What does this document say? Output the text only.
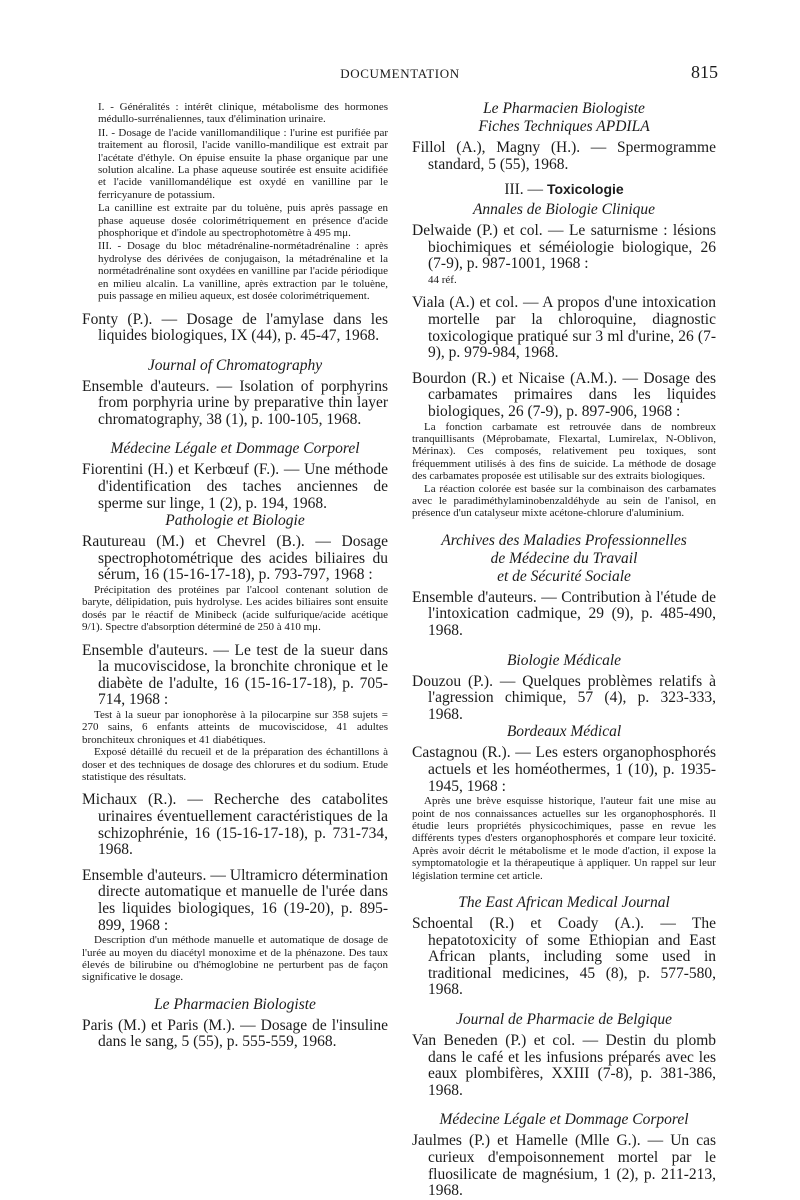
DOCUMENTATION	815

I. - Généralités : intérêt clinique, métabolisme des hormones médullo-surrénaliennes, taux d'élimination urinaire.

II. - Dosage de l'acide vanillomandilique : l'urine est purifiée par traitement au florosil, l'acide vanillo-mandilique est extrait par l'acétate d'éthyle. On épuise ensuite la phase organique par une solution alcaline. La phase aqueuse soutirée est ensuite acidifiée et l'acide vanillomandélique est oxydé en vanilline par le ferricyanure de potassium.

La canilline est extraite par du toluène, puis après passage en phase aqueuse dosée colorimétriquement en présence d'acide phosphorique et d'indole au spectrophotomètre à 495 mμ.

III. - Dosage du bloc métadrénaline-normétadrénaline : après hydrolyse des dérivées de conjugaison, la métadrénaline et la normétadrénaline sont oxydées en vanilline par l'acide périodique en milieu alcalin. La vanilline, après extraction par le toluène, puis passage en milieu aqueux, est dosée colorimétriquement.

Fonty (P.). — Dosage de l'amylase dans les liquides biologiques, IX (44), p. 45-47, 1968.

Journal of Chromatography

Ensemble d'auteurs. — Isolation of porphyrins from porphyria urine by preparative thin layer chromatography, 38 (1), p. 100-105, 1968.

Médecine Légale et Dommage Corporel

Fiorentini (H.) et Kerbœuf (F.). — Une méthode d'identification des taches anciennes de sperme sur linge, 1 (2), p. 194, 1968.

Pathologie et Biologie

Rautureau (M.) et Chevrel (B.). — Dosage spectrophotométrique des acides biliaires du sérum, 16 (15-16-17-18), p. 793-797, 1968 :

Précipitation des protéines par l'alcool contenant solution de baryte, délipidation, puis hydrolyse. Les acides biliaires sont ensuite dosés par le réactif de Minibeck (acide sulfurique/acide acétique 9/1). Spectre d'absorption déterminé de 250 à 410 mμ.

Ensemble d'auteurs. — Le test de la sueur dans la mucoviscidose, la bronchite chronique et le diabète de l'adulte, 16 (15-16-17-18), p. 705-714, 1968 :

Test à la sueur par ionophorèse à la pilocarpine sur 358 sujets = 270 sains, 6 enfants atteints de mucoviscidose, 41 adultes bronchiteux chroniques et 41 diabétiques.

Exposé détaillé du recueil et de la préparation des échantillons à doser et des techniques de dosage des chlorures et du sodium. Etude statistique des résultats.

Michaux (R.). — Recherche des catabolites urinaires éventuellement caractéristiques de la schizophrénie, 16 (15-16-17-18), p. 731-734, 1968.

Ensemble d'auteurs. — Ultramicro détermination directe automatique et manuelle de l'urée dans les liquides biologiques, 16 (19-20), p. 895-899, 1968 :

Description d'un méthode manuelle et automatique de dosage de l'urée au moyen du diacétyl monoxime et de la phénazone. Des taux élevés de bilirubine ou d'hémoglobine ne perturbent pas de façon significative le dosage.

Le Pharmacien Biologiste

Paris (M.) et Paris (M.). — Dosage de l'insuline dans le sang, 5 (55), p. 555-559, 1968.

Le Pharmacien Biologiste

Fiches Techniques APDILA

Fillol (A.), Magny (H.). — Spermogramme standard, 5 (55), 1968.

III. — Toxicologie

Annales de Biologie Clinique

Delwaide (P.) et col. — Le saturnisme : lésions biochimiques et séméiologie biologique, 26 (7-9), p. 987-1001, 1968 :

44 réf.

Viala (A.) et col. — A propos d'une intoxication mortelle par la chloroquine, diagnostic toxicologique pratiqué sur 3 ml d'urine, 26 (7-9), p. 979-984, 1968.

Bourdon (R.) et Nicaise (A.M.). — Dosage des carbamates primaires dans les liquides biologiques, 26 (7-9), p. 897-906, 1968 :

La fonction carbamate est retrouvée dans de nombreux tranquillisants (Méprobamate, Flexartal, Lumirelax, N-Oblivon, Mérinax). Ces composés, relativement peu toxiques, sont fréquemment utilisés à des fins de suicide. La méthode de dosage des carbamates proposée est utilisable sur des extraits biologiques.

La réaction colorée est basée sur la combinaison des carbamates avec le paradiméthylaminobenzaldéhyde au sein de l'anisol, en présence d'un catalyseur mixte acétone-chlorure d'aluminium.

Archives des Maladies Professionnelles

de Médecine du Travail

et de Sécurité Sociale

Ensemble d'auteurs. — Contribution à l'étude de l'intoxication cadmique, 29 (9), p. 485-490, 1968.

Biologie Médicale

Douzou (P.). — Quelques problèmes relatifs à l'agression chimique, 57 (4), p. 323-333, 1968.

Bordeaux Médical

Castagnou (R.). — Les esters organophosphorés actuels et les homéothermes, 1 (10), p. 1935-1945, 1968 :

Après une brève esquisse historique, l'auteur fait une mise au point de nos connaissances actuelles sur les organophosphorés. Il étudie leurs propriétés physicochimiques, passe en revue les différents types d'esters organophosphorés et compare leur toxicité. Après avoir décrit le métabolisme et le mode d'action, il expose la symptomatologie et la thérapeutique à appliquer. Un rappel sur leur législation termine cet article.

The East African Medical Journal

Schoental (R.) et Coady (A.). — The hepatotoxicity of some Ethiopian and East African plants, including some used in traditional medicines, 45 (8), p. 577-580, 1968.

Journal de Pharmacie de Belgique

Van Beneden (P.) et col. — Destin du plomb dans le café et les infusions préparés avec les eaux plombifères, XXIII (7-8), p. 381-386, 1968.

Médecine Légale et Dommage Corporel

Jaulmes (P.) et Hamelle (Mlle G.). — Un cas curieux d'empoisonnement mortel par le fluosilicate de magnésium, 1 (2), p. 211-213, 1968.
